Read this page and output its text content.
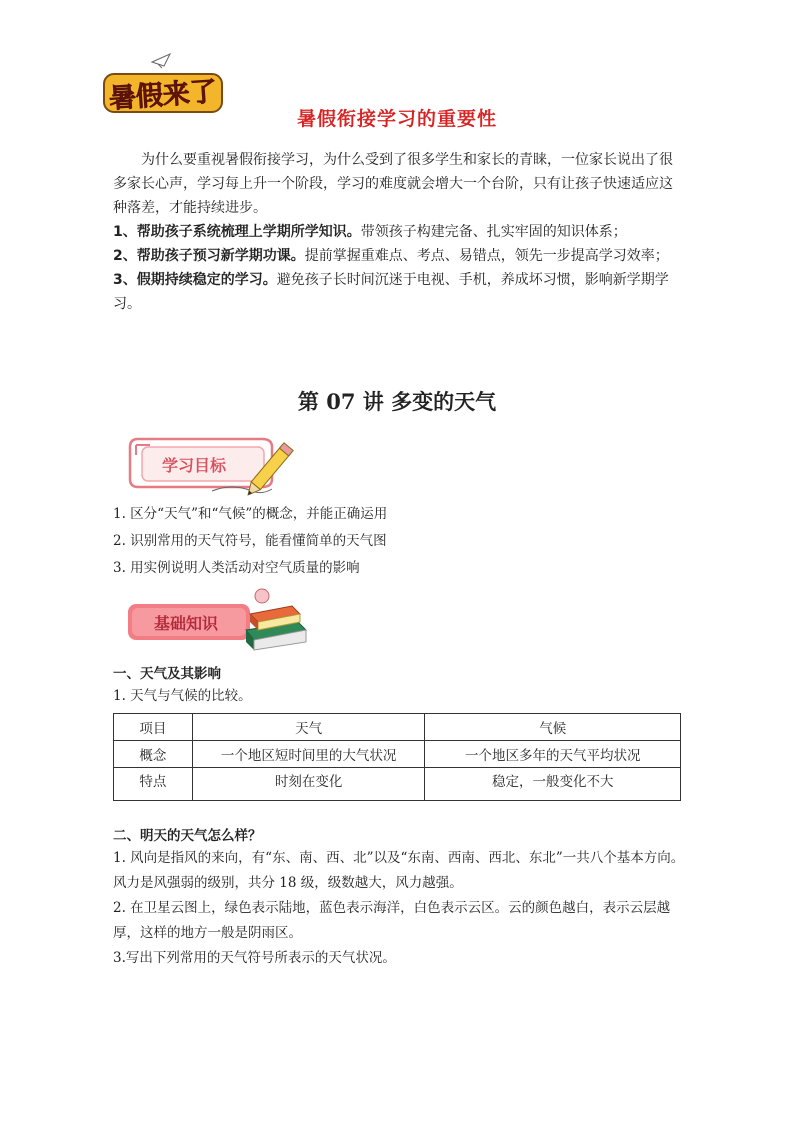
暑假来了
暑假衔接学习的重要性

为什么要重视暑假衔接学习，为什么受到了很多学生和家长的青睐，一位家长说出了很多家长心声，学习每上升一个阶段，学习的难度就会增大一个台阶，只有让孩子快速适应这种落差，才能持续进步。

1、帮助孩子系统梳理上学期所学知识。带领孩子构建完备、扎实牢固的知识体系；

2、帮助孩子预习新学期功课。提前掌握重难点、考点、易错点，领先一步提高学习效率；

3、假期持续稳定的学习。避免孩子长时间沉迷于电视、手机，养成坏习惯，影响新学期学习。

第 07 讲 多变的天气
学习目标
1. 区分“天气”和“气候”的概念，并能正确运用
2. 识别常用的天气符号，能看懂简单的天气图
3. 用实例说明人类活动对空气质量的影响
基础知识
一、天气及其影响
1. 天气与气候的比较。
项目	天气	气候
概念	一个地区短时间里的大气状况	一个地区多年的天气平均状况
特点	时刻在变化	稳定，一般变化不大
二、明天的天气怎么样？

1. 风向是指风的来向，有“东、南、西、北”以及“东南、西南、西北、东北”一共八个基本方向。风力是风强弱的级别，共分 18 级，级数越大，风力越强。

2. 在卫星云图上，绿色表示陆地，蓝色表示海洋，白色表示云区。云的颜色越白，表示云层越厚，这样的地方一般是阴雨区。

3.写出下列常用的天气符号所表示的天气状况。
